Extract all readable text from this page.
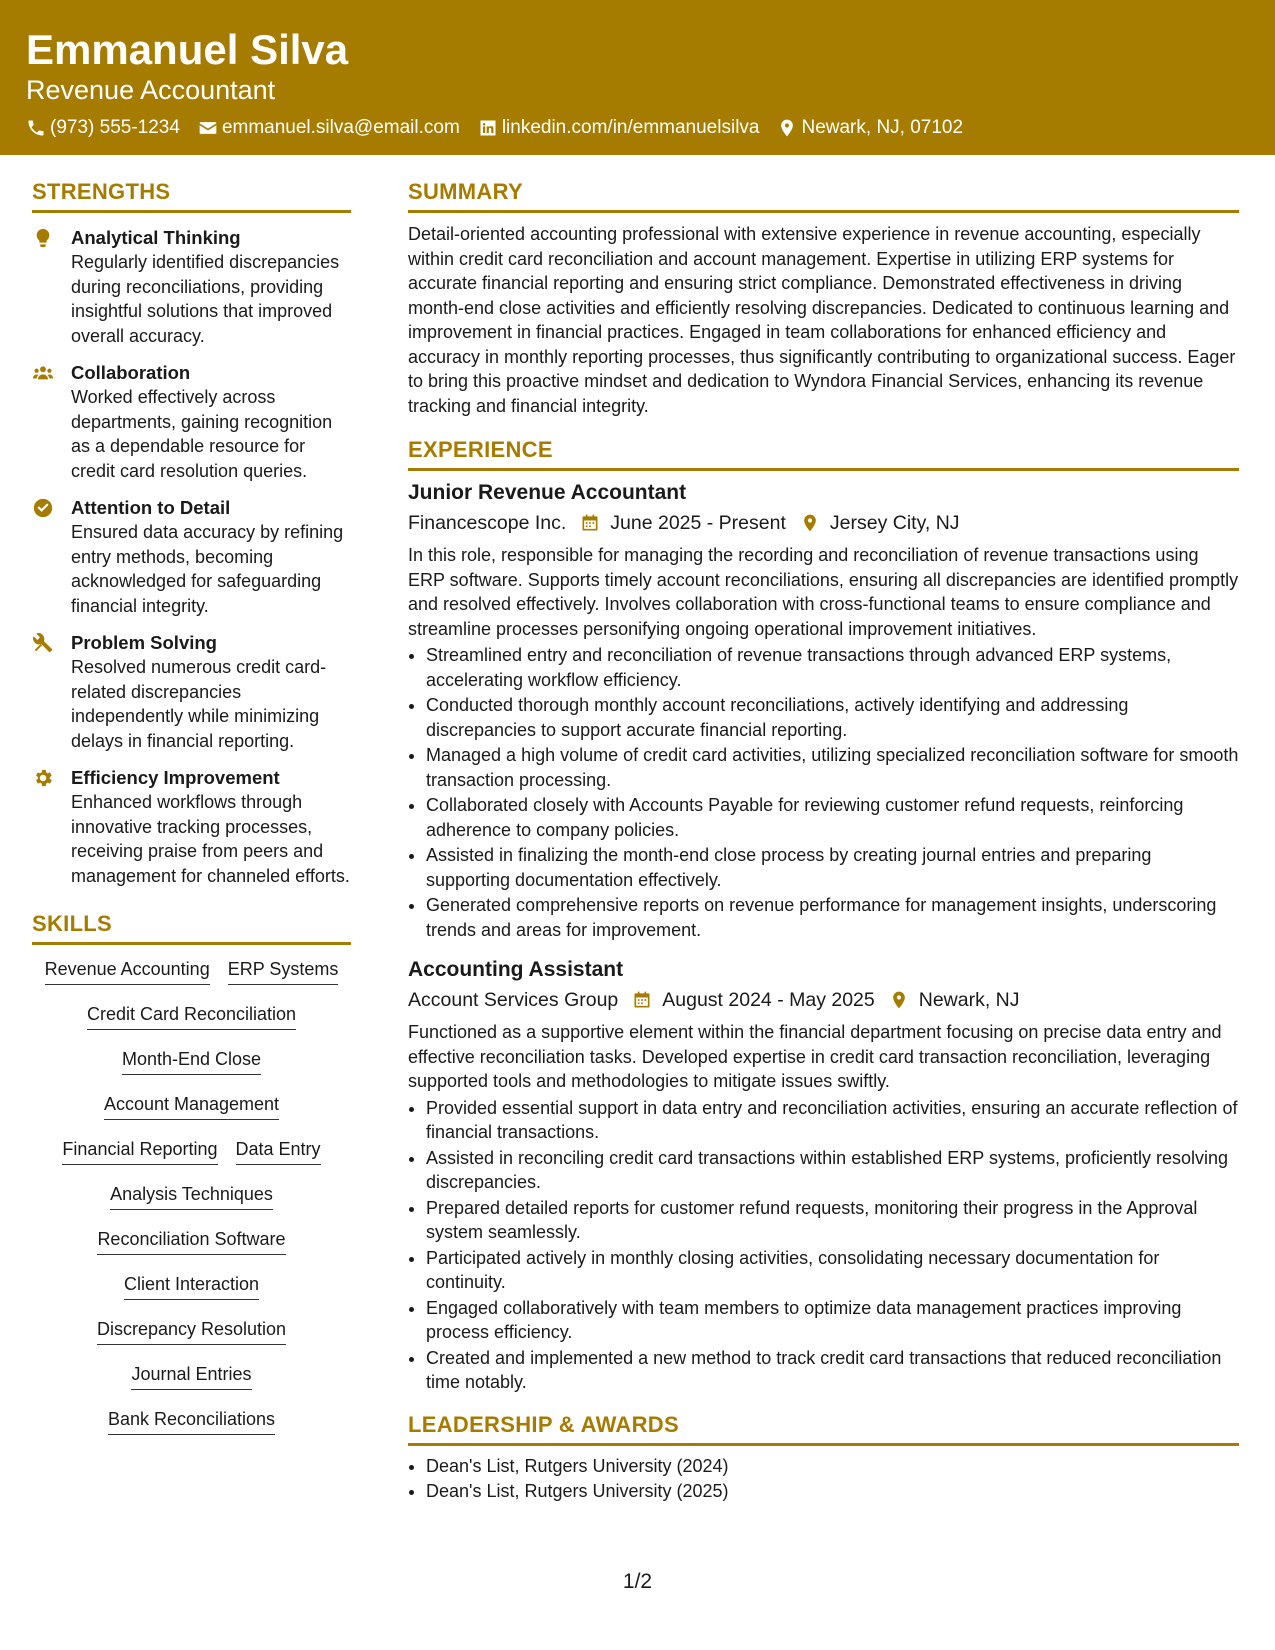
Emmanuel Silva
Revenue Accountant
(973) 555-1234 emmanuel.silva@email.com linkedin.com/in/emmanuelsilva Newark, NJ, 07102
STRENGTHS
Analytical Thinking
Regularly identified discrepancies during reconciliations, providing insightful solutions that improved overall accuracy.
Collaboration
Worked effectively across departments, gaining recognition as a dependable resource for credit card resolution queries.
Attention to Detail
Ensured data accuracy by refining entry methods, becoming acknowledged for safeguarding financial integrity.
Problem Solving
Resolved numerous credit card-related discrepancies independently while minimizing delays in financial reporting.
Efficiency Improvement
Enhanced workflows through innovative tracking processes, receiving praise from peers and management for channeled efforts.
SKILLS
Revenue Accounting ERP Systems
Credit Card Reconciliation
Month-End Close
Account Management
Financial Reporting Data Entry
Analysis Techniques
Reconciliation Software
Client Interaction
Discrepancy Resolution
Journal Entries
Bank Reconciliations
SUMMARY
Detail-oriented accounting professional with extensive experience in revenue accounting, especially within credit card reconciliation and account management. Expertise in utilizing ERP systems for accurate financial reporting and ensuring strict compliance. Demonstrated effectiveness in driving month-end close activities and efficiently resolving discrepancies. Dedicated to continuous learning and improvement in financial practices. Engaged in team collaborations for enhanced efficiency and accuracy in monthly reporting processes, thus significantly contributing to organizational success. Eager to bring this proactive mindset and dedication to Wyndora Financial Services, enhancing its revenue tracking and financial integrity.
EXPERIENCE
Junior Revenue Accountant
Financescope Inc. June 2025 - Present Jersey City, NJ
In this role, responsible for managing the recording and reconciliation of revenue transactions using ERP software. Supports timely account reconciliations, ensuring all discrepancies are identified promptly and resolved effectively. Involves collaboration with cross-functional teams to ensure compliance and streamline processes personifying ongoing operational improvement initiatives.
• Streamlined entry and reconciliation of revenue transactions through advanced ERP systems, accelerating workflow efficiency.
• Conducted thorough monthly account reconciliations, actively identifying and addressing discrepancies to support accurate financial reporting.
• Managed a high volume of credit card activities, utilizing specialized reconciliation software for smooth transaction processing.
• Collaborated closely with Accounts Payable for reviewing customer refund requests, reinforcing adherence to company policies.
• Assisted in finalizing the month-end close process by creating journal entries and preparing supporting documentation effectively.
• Generated comprehensive reports on revenue performance for management insights, underscoring trends and areas for improvement.
Accounting Assistant
Account Services Group August 2024 - May 2025 Newark, NJ
Functioned as a supportive element within the financial department focusing on precise data entry and effective reconciliation tasks. Developed expertise in credit card transaction reconciliation, leveraging supported tools and methodologies to mitigate issues swiftly.
• Provided essential support in data entry and reconciliation activities, ensuring an accurate reflection of financial transactions.
• Assisted in reconciling credit card transactions within established ERP systems, proficiently resolving discrepancies.
• Prepared detailed reports for customer refund requests, monitoring their progress in the Approval system seamlessly.
• Participated actively in monthly closing activities, consolidating necessary documentation for continuity.
• Engaged collaboratively with team members to optimize data management practices improving process efficiency.
• Created and implemented a new method to track credit card transactions that reduced reconciliation time notably.
LEADERSHIP & AWARDS
• Dean's List, Rutgers University (2024)
• Dean's List, Rutgers University (2025)
1/2
